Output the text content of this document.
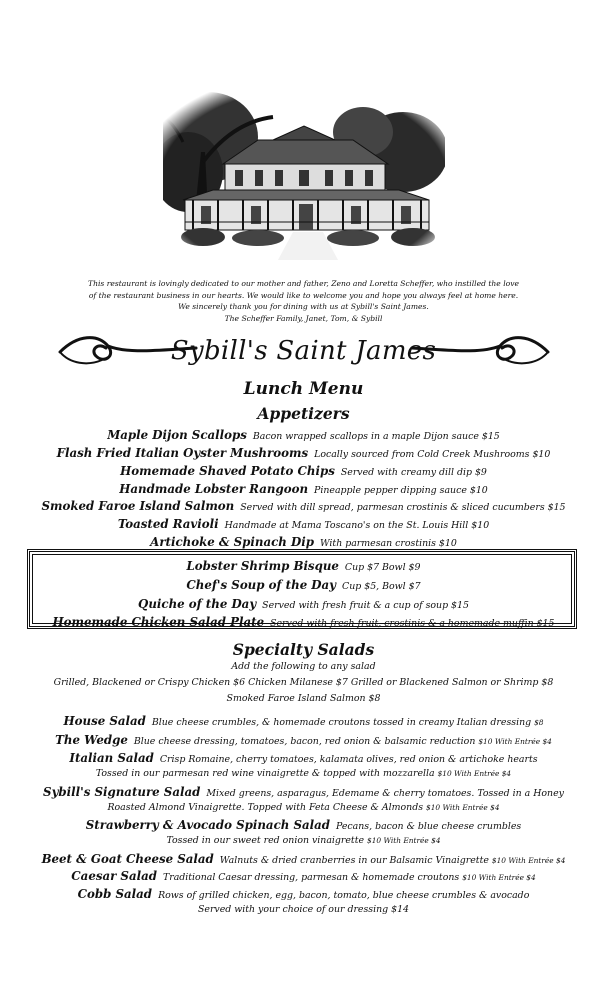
This restaurant is lovingly dedicated to our mother and father, Zeno and Loretta Scheffer, who instilled the love
of the restaurant business in our hearts. We would like to welcome you and hope you always feel at home here.
We sincerely thank you for dining with us at Sybill's Saint James.
The Scheffer Family, Janet, Tom, & Sybill
Sybill's Saint James
Lunch Menu
Appetizers
Maple Dijon Scallops Bacon wrapped scallops in a maple Dijon sauce $15
Flash Fried Italian Oyster Mushrooms Locally sourced from Cold Creek Mushrooms $10
Homemade Shaved Potato Chips Served with creamy dill dip $9
Handmade Lobster Rangoon Pineapple pepper dipping sauce $10
Smoked Faroe Island Salmon Served with dill spread, parmesan crostinis & sliced cucumbers $15
Toasted Ravioli Handmade at Mama Toscano's on the St. Louis Hill $10
Artichoke & Spinach Dip With parmesan crostinis $10
Lobster Shrimp Bisque Cup $7 Bowl $9
Chef's Soup of the Day Cup $5, Bowl $7
Quiche of the Day Served with fresh fruit & a cup of soup $15
Homemade Chicken Salad Plate Served with fresh fruit, crostinis & a homemade muffin $15
Specialty Salads
Add the following to any salad
Grilled, Blackened or Crispy Chicken $6 Chicken Milanese $7 Grilled or Blackened Salmon or Shrimp $8
Smoked Faroe Island Salmon $8
House Salad Blue cheese crumbles, & homemade croutons tossed in creamy Italian dressing $8
The Wedge Blue cheese dressing, tomatoes, bacon, red onion & balsamic reduction $10 With Entrée $4
Italian Salad Crisp Romaine, cherry tomatoes, kalamata olives, red onion & artichoke hearts
Tossed in our parmesan red wine vinaigrette & topped with mozzarella $10 With Entrée $4
Sybill's Signature Salad Mixed greens, asparagus, Edemame & cherry tomatoes. Tossed in a Honey
Roasted Almond Vinaigrette. Topped with Feta Cheese & Almonds $10 With Entrée $4
Strawberry & Avocado Spinach Salad Pecans, bacon & blue cheese crumbles
Tossed in our sweet red onion vinaigrette $10 With Entrée $4
Beet & Goat Cheese Salad Walnuts & dried cranberries in our Balsamic Vinaigrette $10 With Entrée $4
Caesar Salad Traditional Caesar dressing, parmesan & homemade croutons $10 With Entrée $4
Cobb Salad Rows of grilled chicken, egg, bacon, tomato, blue cheese crumbles & avocado
Served with your choice of our dressing $14
